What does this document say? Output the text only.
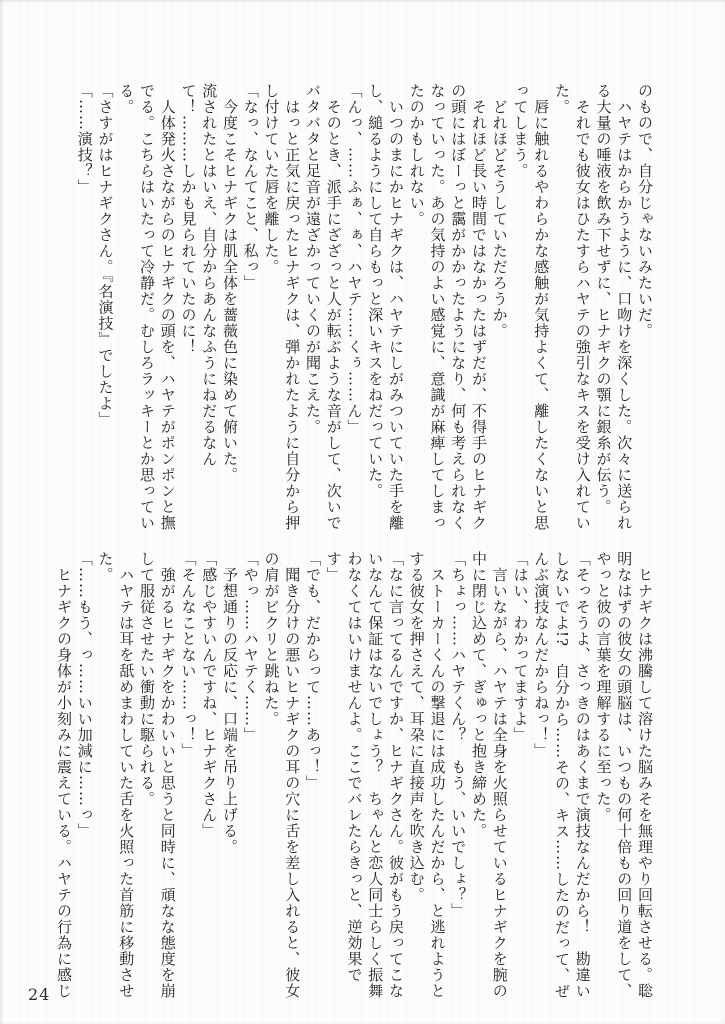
のもので、自分じゃないみたいだ。

ハヤテはからかうように、口吻けを深くした。次々に送られる大量の唾液を飲み下せずに、ヒナギクの顎に銀糸が伝う。

それでも彼女はひたすらハヤテの強引なキスを受け入れていた。

唇に触れるやわらかな感触が気持よくて、離したくないと思ってしまう。

どれほどそうしていただろうか。

それほど長い時間ではなかったはずだが、不得手のヒナギクの頭にはぼーっと靄がかかったようになり、何も考えられなくなっていった。あの気持のよい感覚に、意識が麻痺してしまったのかもしれない。

いつのまにかヒナギクは、ハヤテにしがみついていた手を離し、縋るようにして自らもっと深いキスをねだっていた。

「んっ、……ふぁ、ぁ、ハヤテ……くぅ……ん」

そのとき、派手にざざっと人が転ぶような音がして、次いでバタバタと足音が遠ざかっていくのが聞こえた。

はっと正気に戻ったヒナギクは、弾かれたように自分から押し付けていた唇を離した。

「なっ、なんてこと、私っ」

今度こそヒナギクは肌全体を薔薇色に染めて俯いた。

流されたとはいえ、自分からあんなふうにねだるなんて！………しかも見られていたのに！

人体発火さながらのヒナギクの頭を、ハヤテがポンポンと撫でる。こちらはいたって冷静だ。むしろラッキーとか思っている。

「さすがはヒナギクさん。『名演技』でしたよ」

「……演技？」

ヒナギクは沸騰して溶けた脳みそを無理やり回転させる。聡明なはずの彼女の頭脳は、いつもの何十倍もの回り道をして、やっと彼の言葉を理解するに至った。

「そっそうよ、さっきのはあくまで演技なんだから！　勘違いしないでよ!?　自分から……その、キス……したのだって、ぜんぶ演技なんだからねっ！」

「はい、わかってますよ」

言いながら、ハヤテは全身を火照らせているヒナギクを腕の中に閉じ込めて、ぎゅっと抱き締めた。

「ちょっ……ハヤテくん？　もう、いいでしょ？」

ストーカーくんの撃退には成功したんだから、と逃れようとする彼女を押さえて、耳朶に直接声を吹き込む。

「なに言ってるんですか、ヒナギクさん。彼がもう戻ってこないなんて保証はないでしょう？　ちゃんと恋人同士らしく振舞わなくてはいけませんよ。ここでバレたらきっと、逆効果です」

「でも、だからって……あっ！」

聞き分けの悪いヒナギクの耳の穴に舌を差し入れると、彼女の肩がビクリと跳ねた。

「やっ……ハヤテく……」

予想通りの反応に、口端を吊り上げる。

「感じやすいんですね、ヒナギクさん」

「そんなことない……っ！」

強がるヒナギクをかわいいと思うと同時に、頑なな態度を崩して服従させたい衝動に駆られる。

ハヤテは耳を舐めまわしていた舌を火照った首筋に移動させた。

「……もう、っ……いい加減に……っ」

ヒナギクの身体が小刻みに震えている。ハヤテの行為に感じ

24
